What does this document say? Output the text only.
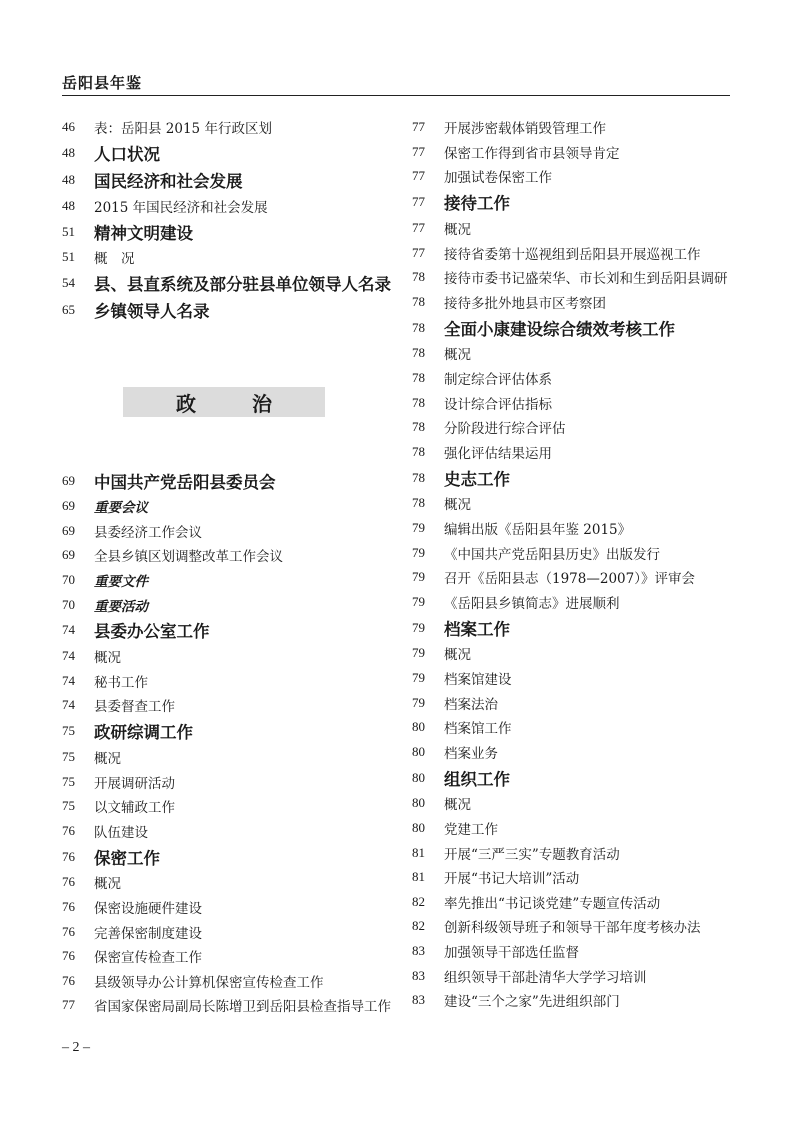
岳阳县年鉴
46	表：岳阳县 2015 年行政区划
48	人口状况
48	国民经济和社会发展
48	2015 年国民经济和社会发展
51	精神文明建设
51	概　况
54	县、县直系统及部分驻县单位领导人名录
65	乡镇领导人名录
政　治
69	中国共产党岳阳县委员会
69	重要会议
69	县委经济工作会议
69	全县乡镇区划调整改革工作会议
70	重要文件
70	重要活动
74	县委办公室工作
74	概况
74	秘书工作
74	县委督查工作
75	政研综调工作
75	概况
75	开展调研活动
75	以文辅政工作
76	队伍建设
76	保密工作
76	概况
76	保密设施硬件建设
76	完善保密制度建设
76	保密宣传检查工作
76	县级领导办公计算机保密宣传检查工作
77	省国家保密局副局长陈增卫到岳阳县检查指导工作
77	开展涉密载体销毁管理工作
77	保密工作得到省市县领导肯定
77	加强试卷保密工作
77	接待工作
77	概况
77	接待省委第十巡视组到岳阳县开展巡视工作
78	接待市委书记盛荣华、市长刘和生到岳阳县调研
78	接待多批外地县市区考察团
78	全面小康建设综合绩效考核工作
78	概况
78	制定综合评估体系
78	设计综合评估指标
78	分阶段进行综合评估
78	强化评估结果运用
78	史志工作
78	概况
79	编辑出版《岳阳县年鉴 2015》
79	《中国共产党岳阳县历史》出版发行
79	召开《岳阳县志（1978—2007）》评审会
79	《岳阳县乡镇简志》进展顺利
79	档案工作
79	概况
79	档案馆建设
79	档案法治
80	档案馆工作
80	档案业务
80	组织工作
80	概况
80	党建工作
81	开展“三严三实”专题教育活动
81	开展“书记大培训”活动
82	率先推出“书记谈党建”专题宣传活动
82	创新科级领导班子和领导干部年度考核办法
83	加强领导干部选任监督
83	组织领导干部赴清华大学学习培训
83	建设“三个之家”先进组织部门
– 2 –
